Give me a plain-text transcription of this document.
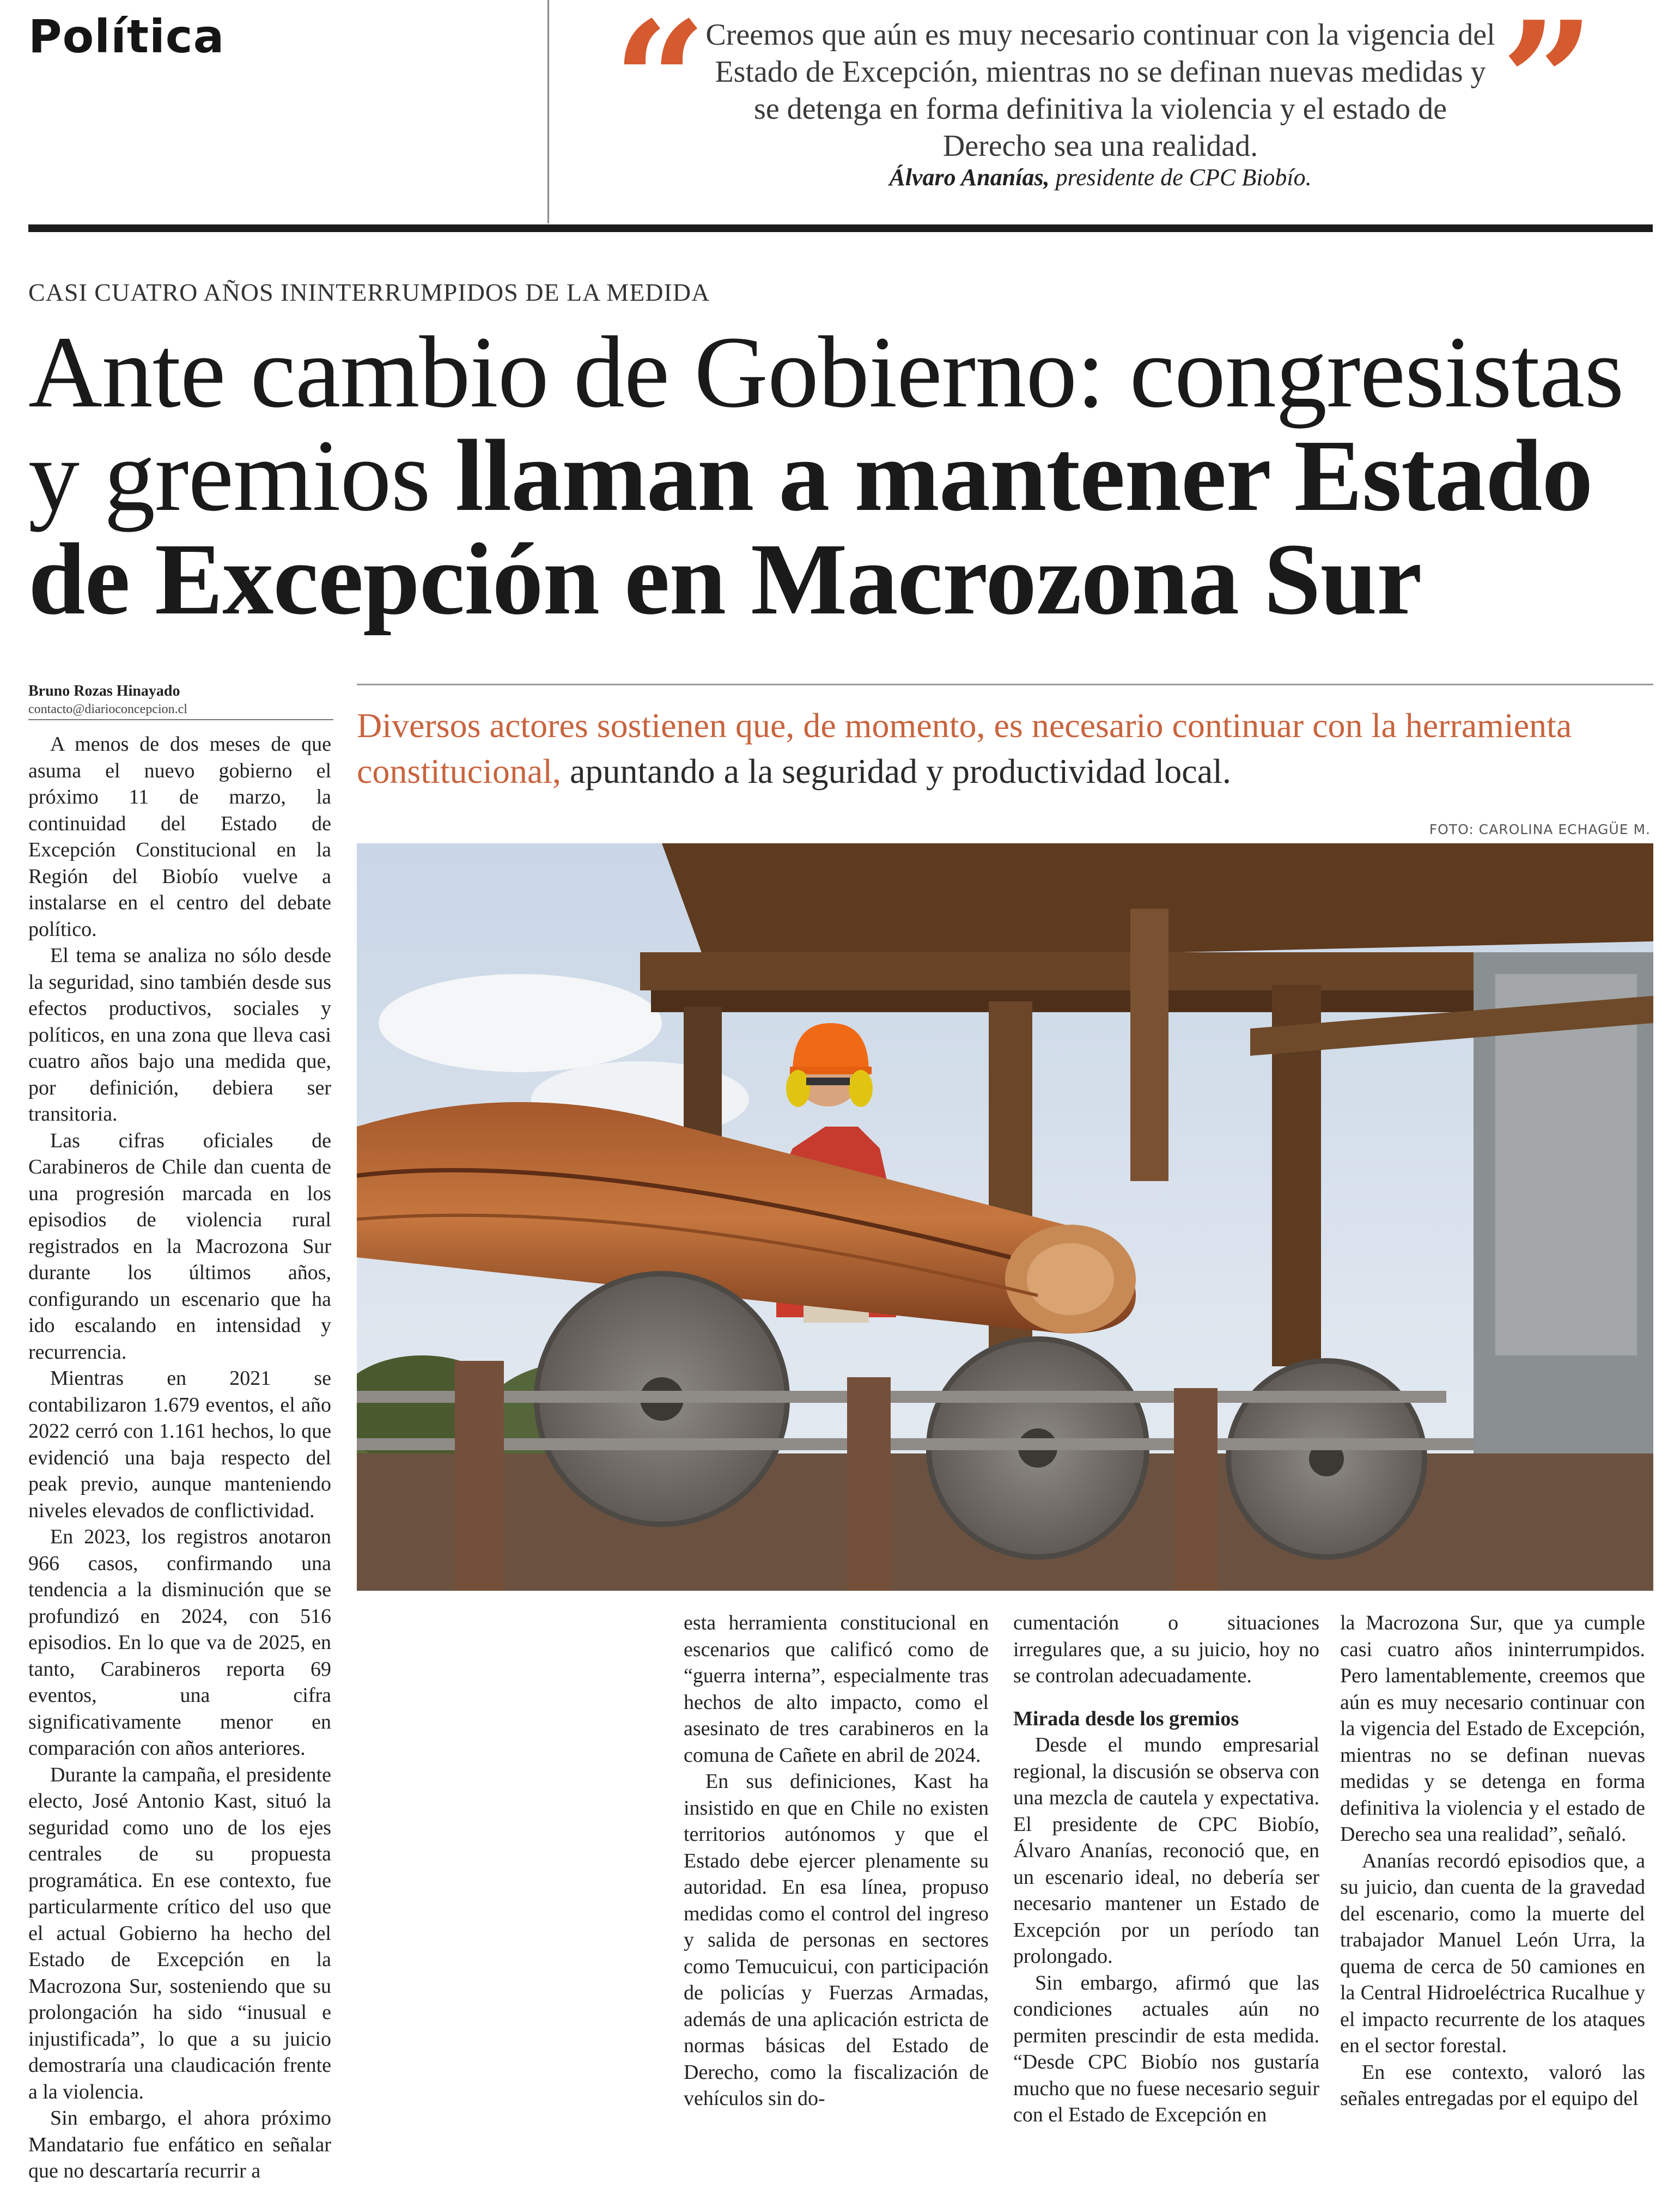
Política “
Creemos que aún es muy necesario continuar con la vigencia del Estado de Excepción, mientras no se definan nuevas medidas y se detenga en forma definitiva la violencia y el estado de Derecho sea una realidad.
Álvaro Ananías, presidente de CPC Biobío.	”
CASI CUATRO AÑOS ININTERRUMPIDOS DE LA MEDIDA
Ante cambio de Gobierno: congresistas y gremios llaman a mantener Estado de Excepción en Macrozona Sur
Bruno Rozas Hinayado
contacto@diarioconcepcion.cl	Diversos actores sostienen que, de momento, es necesario continuar con la herramienta constitucional, apuntando a la seguridad y productividad local.
FOTO: CAROLINA ECHAGÜE M.

A menos de dos meses de que asuma el nuevo gobierno el próximo 11 de marzo, la continuidad del Estado de Excepción Constitucional en la Región del Biobío vuelve a instalarse en el centro del debate político.

El tema se analiza no sólo desde la seguridad, sino también desde sus efectos productivos, sociales y políticos, en una zona que lleva casi cuatro años bajo una medida que, por definición, debiera ser transitoria.

Las cifras oficiales de Carabineros de Chile dan cuenta de una progresión marcada en los episodios de violencia rural registrados en la Macrozona Sur durante los últimos años, configurando un escenario que ha ido escalando en intensidad y recurrencia.

Mientras en 2021 se contabilizaron 1.679 eventos, el año 2022 cerró con 1.161 hechos, lo que evidenció una baja respecto del peak previo, aunque manteniendo niveles elevados de conflictividad.

En 2023, los registros anotaron 966 casos, confirmando una tendencia a la disminución que se profundizó en 2024, con 516 episodios. En lo que va de 2025, en tanto, Carabineros reporta 69 eventos, una cifra significativamente menor en comparación con años anteriores.

Durante la campaña, el presidente electo, José Antonio Kast, situó la seguridad como uno de los ejes centrales de su propuesta programática. En ese contexto, fue particularmente crítico del uso que el actual Gobierno ha hecho del Estado de Excepción en la Macrozona Sur, sosteniendo que su prolongación ha sido “inusual e injustificada”, lo que a su juicio demostraría una claudicación frente a la violencia.

Sin embargo, el ahora próximo Mandatario fue enfático en señalar que no descartaría recurrir a

esta herramienta constitucional en escenarios que calificó como de “guerra interna”, especialmente tras hechos de alto impacto, como el asesinato de tres carabineros en la comuna de Cañete en abril de 2024.

En sus definiciones, Kast ha insistido en que en Chile no existen territorios autónomos y que el Estado debe ejercer plenamente su autoridad. En esa línea, propuso medidas como el control del ingreso y salida de personas en sectores como Temucuicui, con participación de policías y Fuerzas Armadas, además de una aplicación estricta de normas básicas del Estado de Derecho, como la fiscalización de vehículos sin do-

cumentación o situaciones irregulares que, a su juicio, hoy no se controlan adecuadamente.

Mirada desde los gremios

Desde el mundo empresarial regional, la discusión se observa con una mezcla de cautela y expectativa. El presidente de CPC Biobío, Álvaro Ananías, reconoció que, en un escenario ideal, no debería ser necesario mantener un Estado de Excepción por un período tan prolongado.

Sin embargo, afirmó que las condiciones actuales aún no permiten prescindir de esta medida. “Desde CPC Biobío nos gustaría mucho que no fuese necesario seguir con el Estado de Excepción en

la Macrozona Sur, que ya cumple casi cuatro años ininterrumpidos. Pero lamentablemente, creemos que aún es muy necesario continuar con la vigencia del Estado de Excepción, mientras no se definan nuevas medidas y se detenga en forma definitiva la violencia y el estado de Derecho sea una realidad”, señaló.

Ananías recordó episodios que, a su juicio, dan cuenta de la gravedad del escenario, como la muerte del trabajador Manuel León Urra, la quema de cerca de 50 camiones en la Central Hidroeléctrica Rucalhue y el impacto recurrente de los ataques en el sector forestal.

En ese contexto, valoró las señales entregadas por el equipo del
